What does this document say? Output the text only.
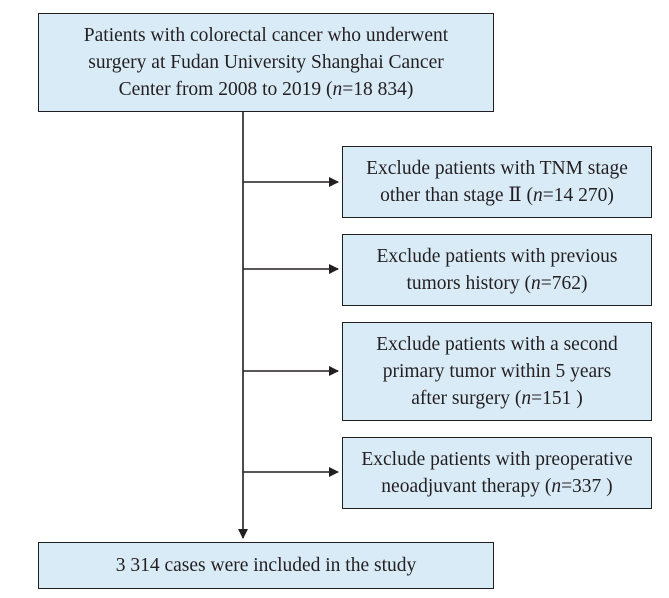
Patients with colorectal cancer who underwent
surgery at Fudan University Shanghai Cancer
Center from 2008 to 2019 (n=18 834)
Exclude patients with TNM stage
other than stage Ⅱ (n=14 270)
Exclude patients with previous
tumors history (n=762)
Exclude patients with a second
primary tumor within 5 years
after surgery (n=151 )
Exclude patients with preoperative
neoadjuvant therapy (n=337 )
3 314 cases were included in the study
